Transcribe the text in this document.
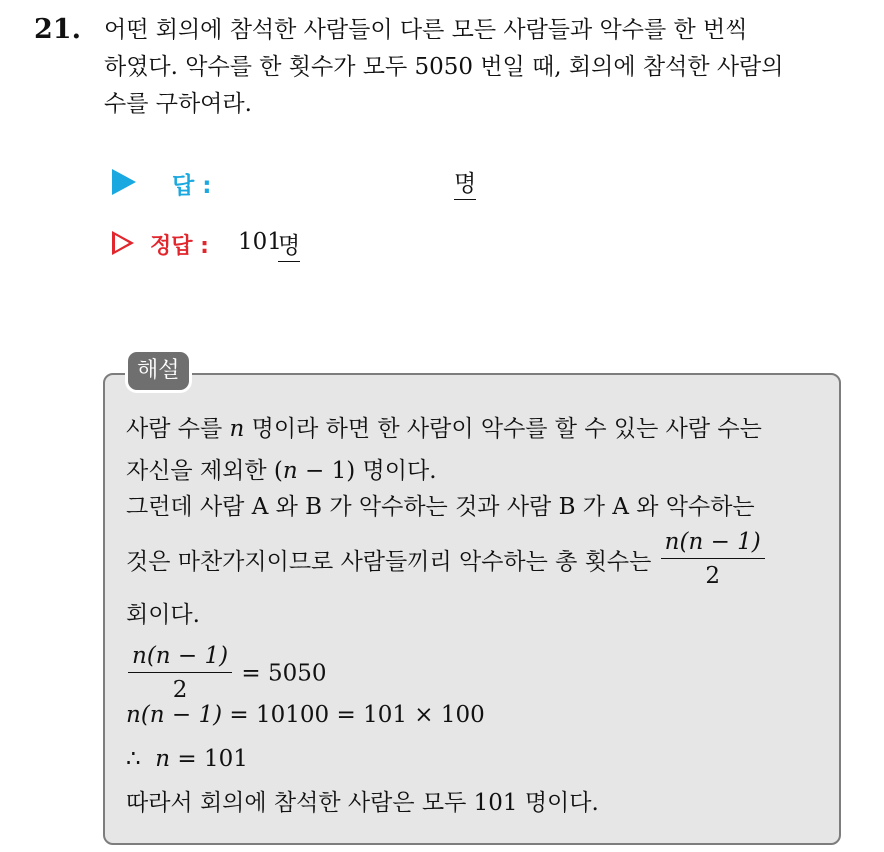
21. 어떤 회의에 참석한 사람들이 다른 모든 사람들과 악수를 한 번씩
하였다. 악수를 한 횟수가 모두 5050 번일 때, 회의에 참석한 사람의
수를 구하여라.
답 :	명
정답 : 101
명
해설
사람 수를 n 명이라 하면 한 사람이 악수를 할 수 있는 사람 수는
자신을 제외한 (n − 1) 명이다.
그런데 사람 A 와 B 가 악수하는 것과 사람 B 가 A 와 악수하는
것은 마찬가지이므로 사람들끼리 악수하는 총 횟수는 $\frac{n(n - 1)}{2}$
회이다.
$\frac{n(n - 1)}{2} = 5050$
n(n − 1) = 10100 = 101 × 100
∴ n = 101
따라서 회의에 참석한 사람은 모두 101 명이다.
